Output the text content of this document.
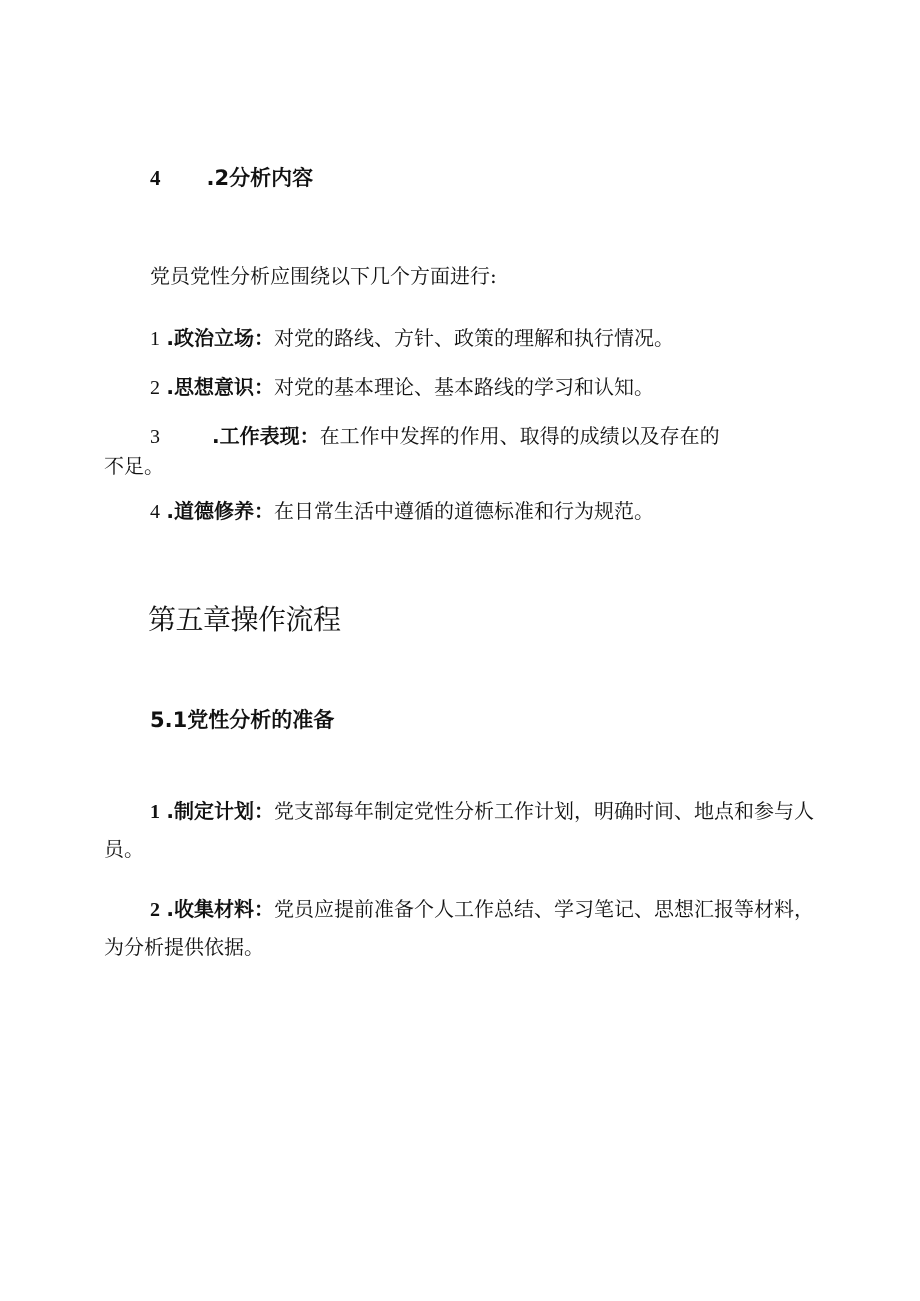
4 .2分析内容
党员党性分析应围绕以下几个方面进行:
1 .政治立场：对党的路线、方针、政策的理解和执行情况。
2 .思想意识：对党的基本理论、基本路线的学习和认知。
3	.工作表现：在工作中发挥的作用、取得的成绩以及存在的
不足。
4 .道德修养：在日常生活中遵循的道德标准和行为规范。
第五章操作流程
5.1党性分析的准备
1 .制定计划：党支部每年制定党性分析工作计划，明确时间、地点和参与人员。
2 .收集材料：党员应提前准备个人工作总结、学习笔记、思想汇报等材料，为分析提供依据。
